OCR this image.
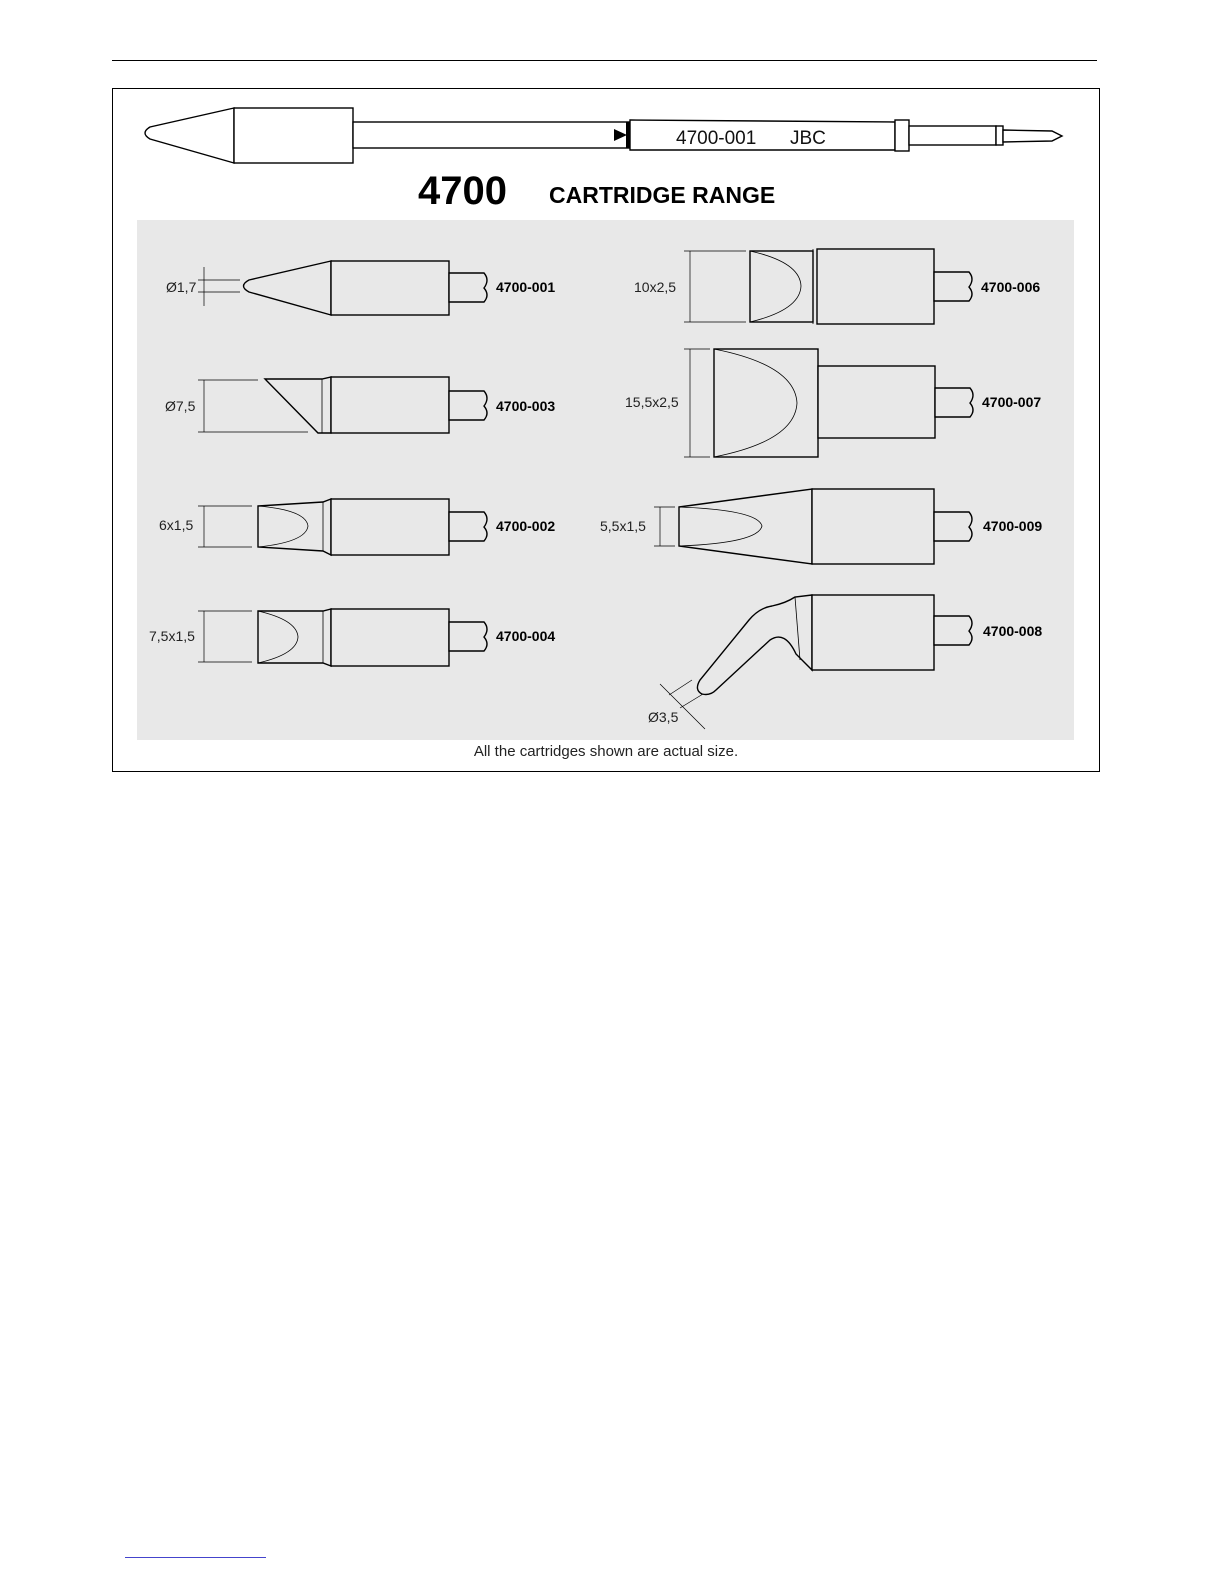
4700-001 JBC
4700 CARTRIDGE RANGE
Ø1,7	4700-001
Ø7,5	4700-003
6x1,5	4700-002
7,5x1,5	4700-004
10x2,5	4700-006
15,5x2,5	4700-007
5,5x1,5	4700-009
Ø3,5
4700-008
All the cartridges shown are actual size.
